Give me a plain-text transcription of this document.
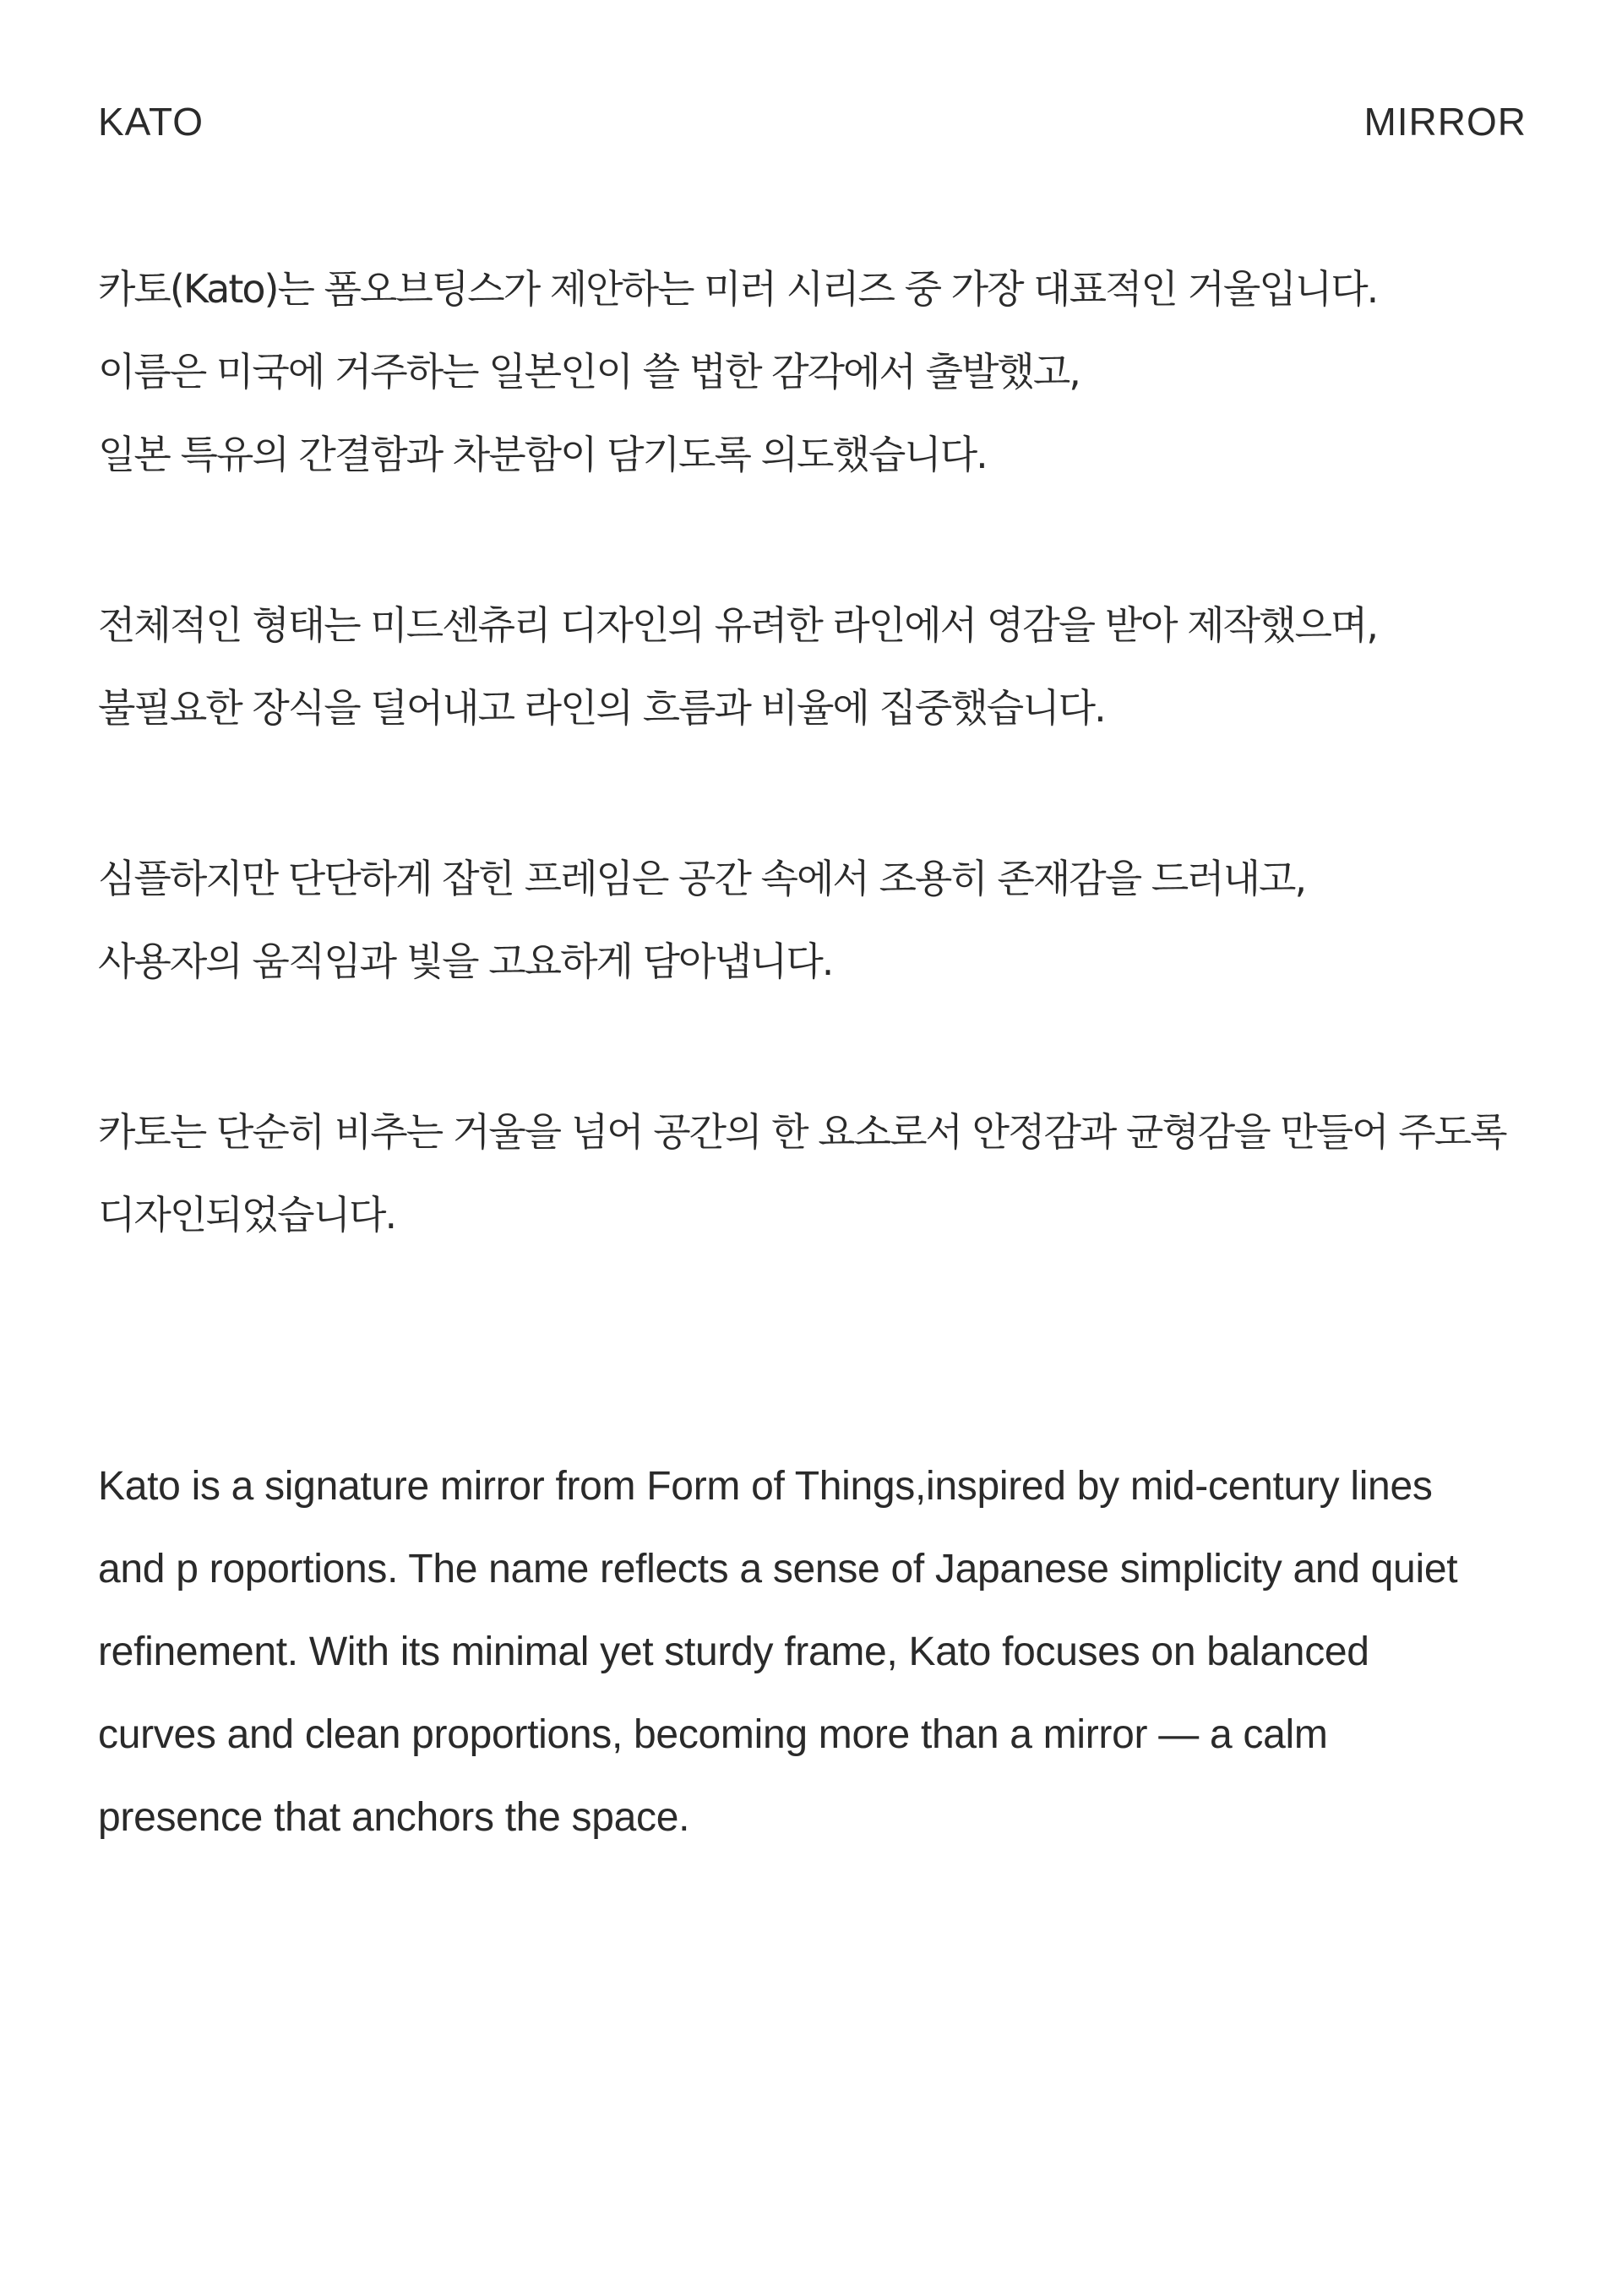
KATO	MIRROR

카토(Kato)는 폼오브팅스가 제안하는 미러 시리즈 중 가장 대표적인 거울입니다.
이름은 미국에 거주하는 일본인이 쓸 법한 감각에서 출발했고,
일본 특유의 간결함과 차분함이 담기도록 의도했습니다.

전체적인 형태는 미드센츄리 디자인의 유려한 라인에서 영감을 받아 제작했으며,
불필요한 장식을 덜어내고 라인의 흐름과 비율에 집중했습니다.

심플하지만 단단하게 잡힌 프레임은 공간 속에서 조용히 존재감을 드러내고,
사용자의 움직임과 빛을 고요하게 담아냅니다.

카토는 단순히 비추는 거울을 넘어 공간의 한 요소로서 안정감과 균형감을 만들어 주도록
디자인되었습니다.

Kato is a signature mirror from Form of Things,inspired by mid-century lines
and p roportions. The name reflects a sense of Japanese simplicity and quiet
refinement. With its minimal yet sturdy frame, Kato focuses on balanced
curves and clean proportions, becoming more than a mirror — a calm
presence that anchors the space.
